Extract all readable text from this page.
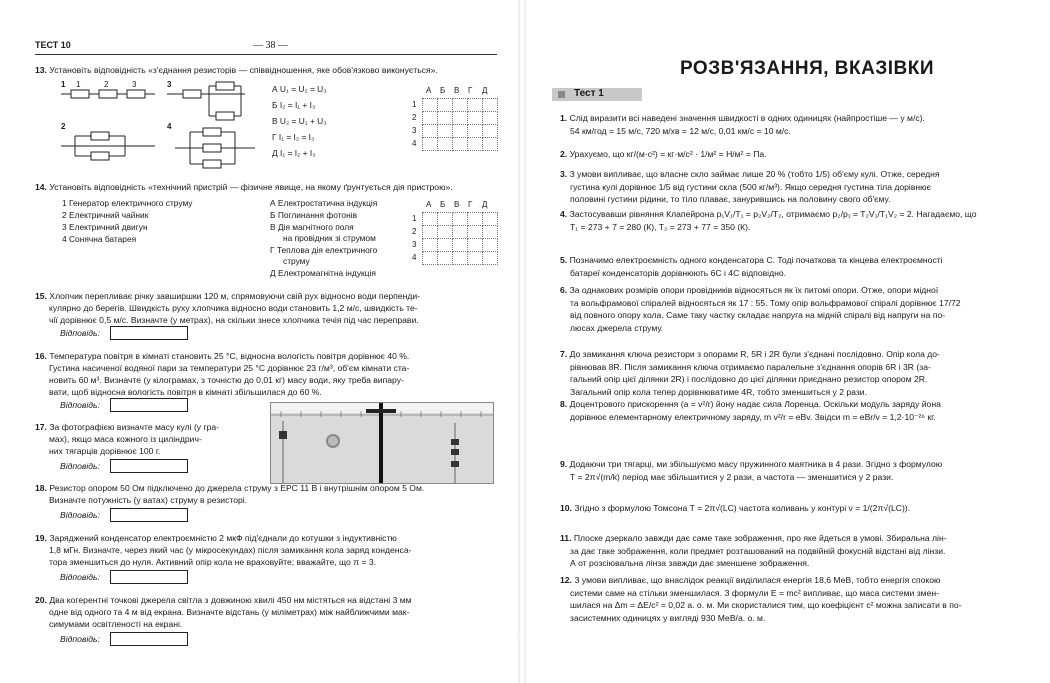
ТЕСТ 10	— 38 —
13. Установіть відповідність «з'єднання резисторів — співвідношення, яке обов'язково виконується».
1
2
3
4
1	2	3	А U₁ = U₂ = U₃
Б I₂ = I₁ + I₃
В U₂ = U₁ + U₃
Г I₁ = I₂ = I₃
Д I₁ = I₂ + I₃
А Б В Г Д
1
2
3
4

14. Установіть відповідність «технічний пристрій — фізичне явище, на якому ґрунтується дія пристрою».
1 Генератор електричного струму
2 Електричний чайник
3 Електричний двигун
4 Сонячна батарея
А Електростатична індукція
Б Поглинання фотонів
В Дія магнітного поля
на провідник зі струмом
Г Теплова дія електричного
струму
Д Електромагнітна індукція
А Б В Г Д
1
2
3
4

15. Хлопчик перепливає річку завширшки 120 м, спрямовуючи свій рух відносно води перпенди-
кулярно до берегів. Швидкість руху хлопчика відносно води становить 1,2 м/с, швидкість те-
чії дорівнює 0,5 м/с. Визначте (у метрах), на скільки знесе хлопчика течія під час переправи.
Відповідь:
16. Температура повітря в кімнаті становить 25 °С, відносна вологість повітря дорівнює 40 %.
Густина насиченої водяної пари за температури 25 °С дорівнює 23 г/м³, об'єм кімнати ста-
новить 60 м³. Визначте (у кілограмах, з точністю до 0,01 кг) масу води, яку треба випару-
вати, щоб відносна вологість повітря в кімнаті збільшилася до 60 %.
Відповідь:
17. За фотографією визначте масу кулі (у гра-
мах), якщо маса кожного із циліндрич-
них тягарців дорівнює 100 г.
Відповідь:
18. Резистор опором 50 Ом підключено до джерела струму з ЕРС 11 В і внутрішнім опором 5 Ом.
Визначте потужність (у ватах) струму в резисторі.
Відповідь:
19. Заряджений конденсатор електроємністю 2 мкФ під'єднали до котушки з індуктивністю
1,8 мГн. Визначте, через який час (у мікросекундах) після замикання кола заряд конденса-
тора зменшиться до нуля. Активний опір кола не враховуйте; вважайте, що π = 3.
Відповідь:
20. Два когерентні точкові джерела світла з довжиною хвилі 450 нм містяться на відстані 3 мм
одне від одного та 4 м від екрана. Визначте відстань (у міліметрах) між найближчими мак-
симумами освітленості на екрані.
Відповідь:
РОЗВ'ЯЗАННЯ, ВКАЗІВКИ
Тест 1
1. Слід виразити всі наведені значення швидкості в одних одиницях (найпростіше — у м/с).
54 км/год = 15 м/с, 720 м/хв = 12 м/с, 0,01 км/с = 10 м/с.
2. Урахуємо, що кг/(м·с²) = кг·м/с² · 1/м² = Н/м² = Па.
3. З умови випливає, що власне скло займає лише 20 % (тобто 1/5) об'єму кулі. Отже, середня
густина кулі дорівнює 1/5 від густини скла (500 кг/м³). Якщо середня густина тіла дорівнює
половині густини рідини, то тіло плаває, занурившись на половину свого об'єму.
4. Застосувавши рівняння Клапейрона p₁V₁/T₁ = p₂V₂/T₂, отримаємо p₂/p₁ = T₂V₁/T₁V₂ = 2. Нагадаємо, що
T₁ = 273 + 7 = 280 (К), T₂ = 273 + 77 = 350 (К).
5. Позначимо електроємність одного конденсатора C. Тоді початкова та кінцева електроємності
батареї конденсаторів дорівнюють 6C і 4C відповідно.
6. За однакових розмірів опори провідників відносяться як їх питомі опори. Отже, опори мідної
та вольфрамової спіралей відносяться як 17 : 55. Тому опір вольфрамової спіралі дорівнює 17/72
від повного опору кола. Саме таку частку складає напруга на мідній спіралі від напруги на по-
люсах джерела струму.
7. До замикання ключа резистори з опорами R, 5R і 2R були з'єднані послідовно. Опір кола до-
рівнював 8R. Після замикання ключа отримаємо паралельне з'єднання опорів 6R і 3R (за-
гальний опір цієї ділянки 2R) і послідовно до цієї ділянки приєднано резистор опором 2R.
Загальний опір кола тепер дорівнюватиме 4R, тобто зменшиться у 2 рази.
8. Доцентрового прискорення (a = v²/r) йону надає сила Лоренца. Оскільки модуль заряду йона
дорівнює елементарному електричному заряду, m v²/r = eBv. Звідси m = eBr/v = 1,2·10⁻²⁶ кг.
9. Додаючи три тягарці, ми збільшуємо масу пружинного маятника в 4 рази. Згідно з формулою
T = 2π√(m/k) період має збільшитися у 2 рази, а частота — зменшитися у 2 рази.
10. Згідно з формулою Томсона T = 2π√(LC) частота коливань у контурі ν = 1/(2π√(LC)).
11. Плоске дзеркало завжди дає саме таке зображення, про яке йдеться в умові. Збиральна лін-
за дає таке зображення, коли предмет розташований на подвійній фокусній відстані від лінзи.
А от розсіювальна лінза завжди дає зменшене зображення.
12. З умови випливає, що внаслідок реакції виділилася енергія 18,6 МеВ, тобто енергія спокою
системи саме на стільки зменшилася. З формули E = mc² випливає, що маса системи змен-
шилася на Δm = ΔE/c² = 0,02 а. о. м. Ми скористалися тим, що коефіцієнт c² можна записати в по-
засистемних одиницях у вигляді 930 МеВ/а. о. м.
